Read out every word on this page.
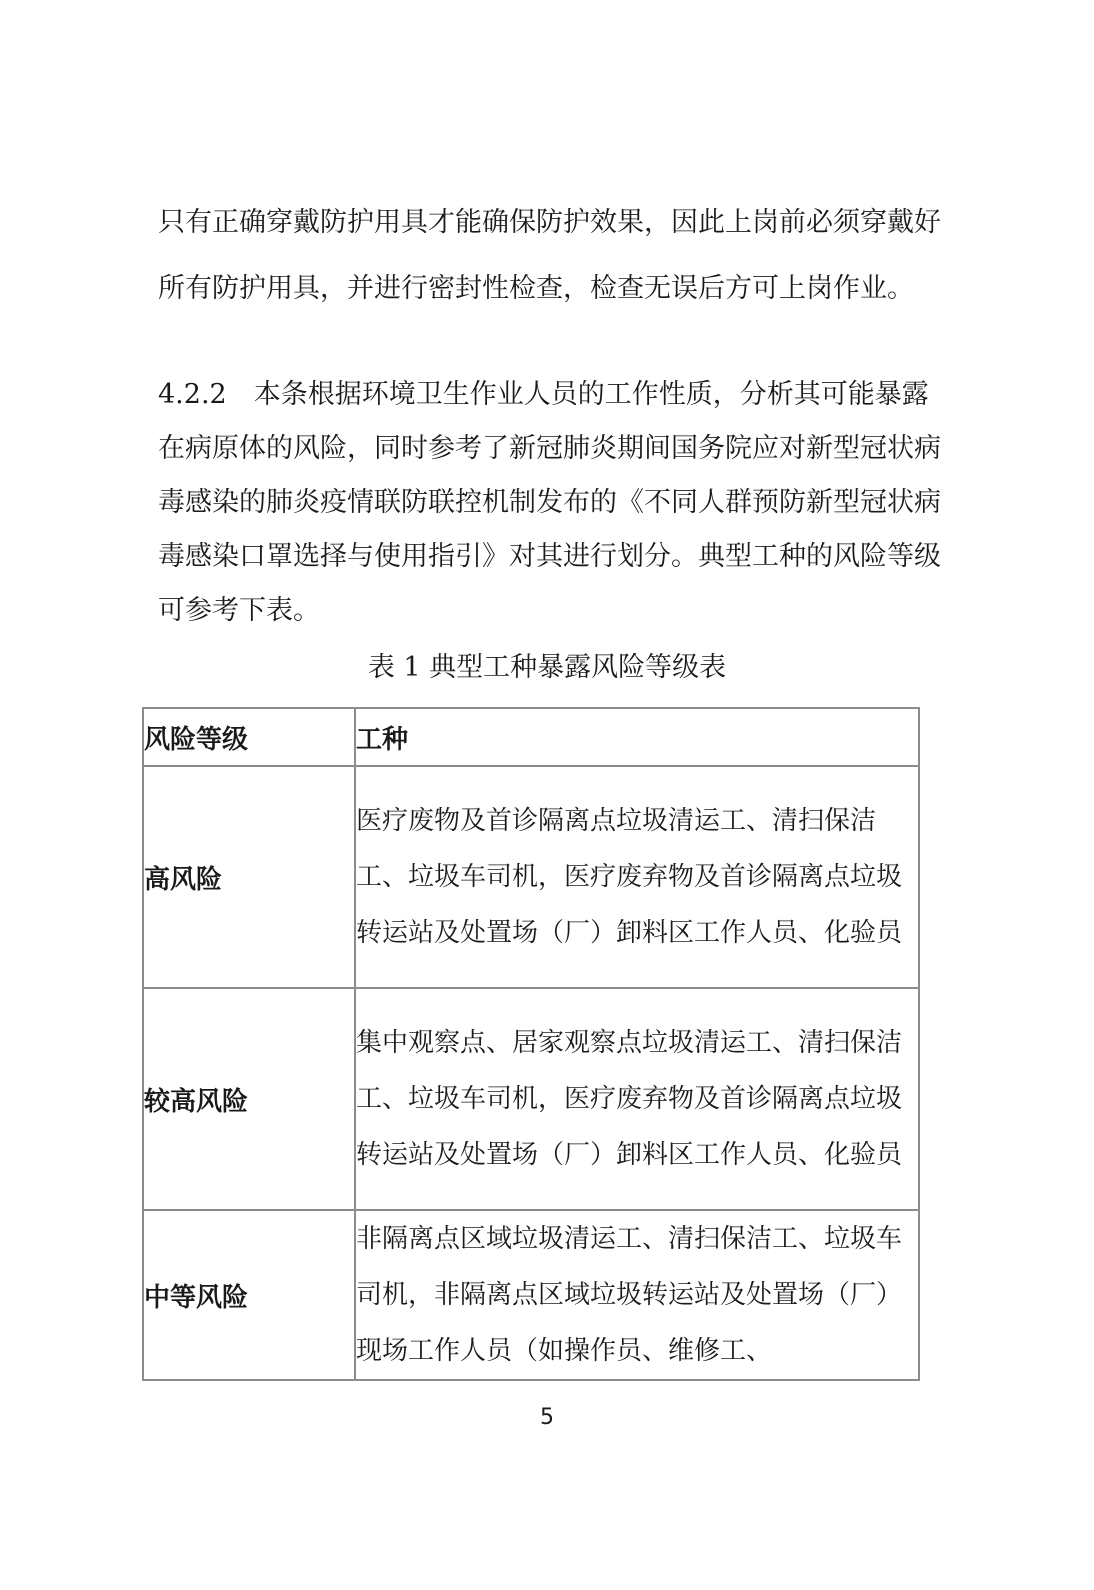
只有正确穿戴防护用具才能确保防护效果，因此上岗前必须穿戴好所有防护用具，并进行密封性检查，检查无误后方可上岗作业。

4.2.2　本条根据环境卫生作业人员的工作性质，分析其可能暴露在病原体的风险，同时参考了新冠肺炎期间国务院应对新型冠状病毒感染的肺炎疫情联防联控机制发布的《不同人群预防新型冠状病毒感染口罩选择与使用指引》对其进行划分。典型工种的风险等级可参考下表。

表 1 典型工种暴露风险等级表
风险等级	工种
高风险	医疗废物及首诊隔离点垃圾清运工、清扫保洁工、垃圾车司机，医疗废弃物及首诊隔离点垃圾转运站及处置场（厂）卸料区工作人员、化验员
较高风险	集中观察点、居家观察点垃圾清运工、清扫保洁工、垃圾车司机，医疗废弃物及首诊隔离点垃圾转运站及处置场（厂）卸料区工作人员、化验员
中等风险	非隔离点区域垃圾清运工、清扫保洁工、垃圾车司机，非隔离点区域垃圾转运站及处置场（厂）现场工作人员（如操作员、维修工、
5
